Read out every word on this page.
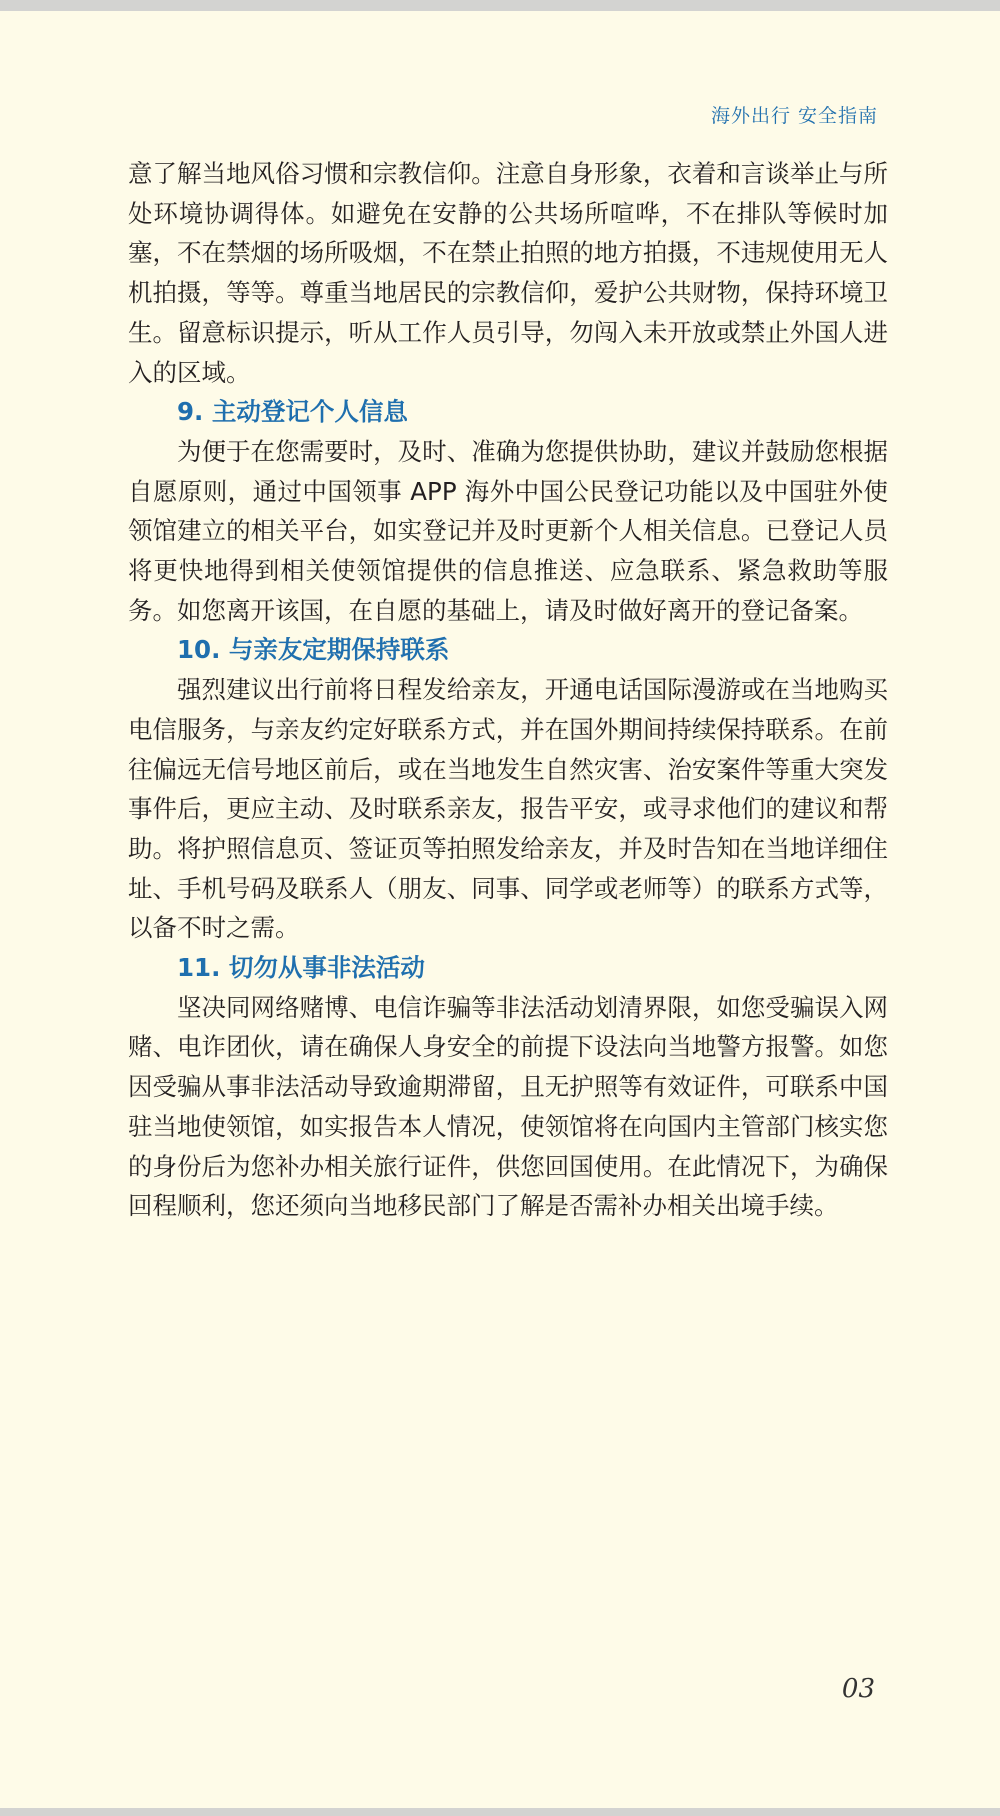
海外出行 安全指南

意了解当地风俗习惯和宗教信仰。注意自身形象，衣着和言谈举止与所处环境协调得体。如避免在安静的公共场所喧哗，不在排队等候时加塞，不在禁烟的场所吸烟，不在禁止拍照的地方拍摄，不违规使用无人机拍摄，等等。尊重当地居民的宗教信仰，爱护公共财物，保持环境卫生。留意标识提示，听从工作人员引导，勿闯入未开放或禁止外国人进入的区域。

9. 主动登记个人信息

为便于在您需要时，及时、准确为您提供协助，建议并鼓励您根据自愿原则，通过中国领事 APP 海外中国公民登记功能以及中国驻外使领馆建立的相关平台，如实登记并及时更新个人相关信息。已登记人员将更快地得到相关使领馆提供的信息推送、应急联系、紧急救助等服务。如您离开该国，在自愿的基础上，请及时做好离开的登记备案。

10. 与亲友定期保持联系

强烈建议出行前将日程发给亲友，开通电话国际漫游或在当地购买电信服务，与亲友约定好联系方式，并在国外期间持续保持联系。在前往偏远无信号地区前后，或在当地发生自然灾害、治安案件等重大突发事件后，更应主动、及时联系亲友，报告平安，或寻求他们的建议和帮助。将护照信息页、签证页等拍照发给亲友，并及时告知在当地详细住址、手机号码及联系人（朋友、同事、同学或老师等）的联系方式等，以备不时之需。

11. 切勿从事非法活动

坚决同网络赌博、电信诈骗等非法活动划清界限，如您受骗误入网赌、电诈团伙，请在确保人身安全的前提下设法向当地警方报警。如您因受骗从事非法活动导致逾期滞留，且无护照等有效证件，可联系中国驻当地使领馆，如实报告本人情况，使领馆将在向国内主管部门核实您的身份后为您补办相关旅行证件，供您回国使用。在此情况下，为确保回程顺利，您还须向当地移民部门了解是否需补办相关出境手续。

03
